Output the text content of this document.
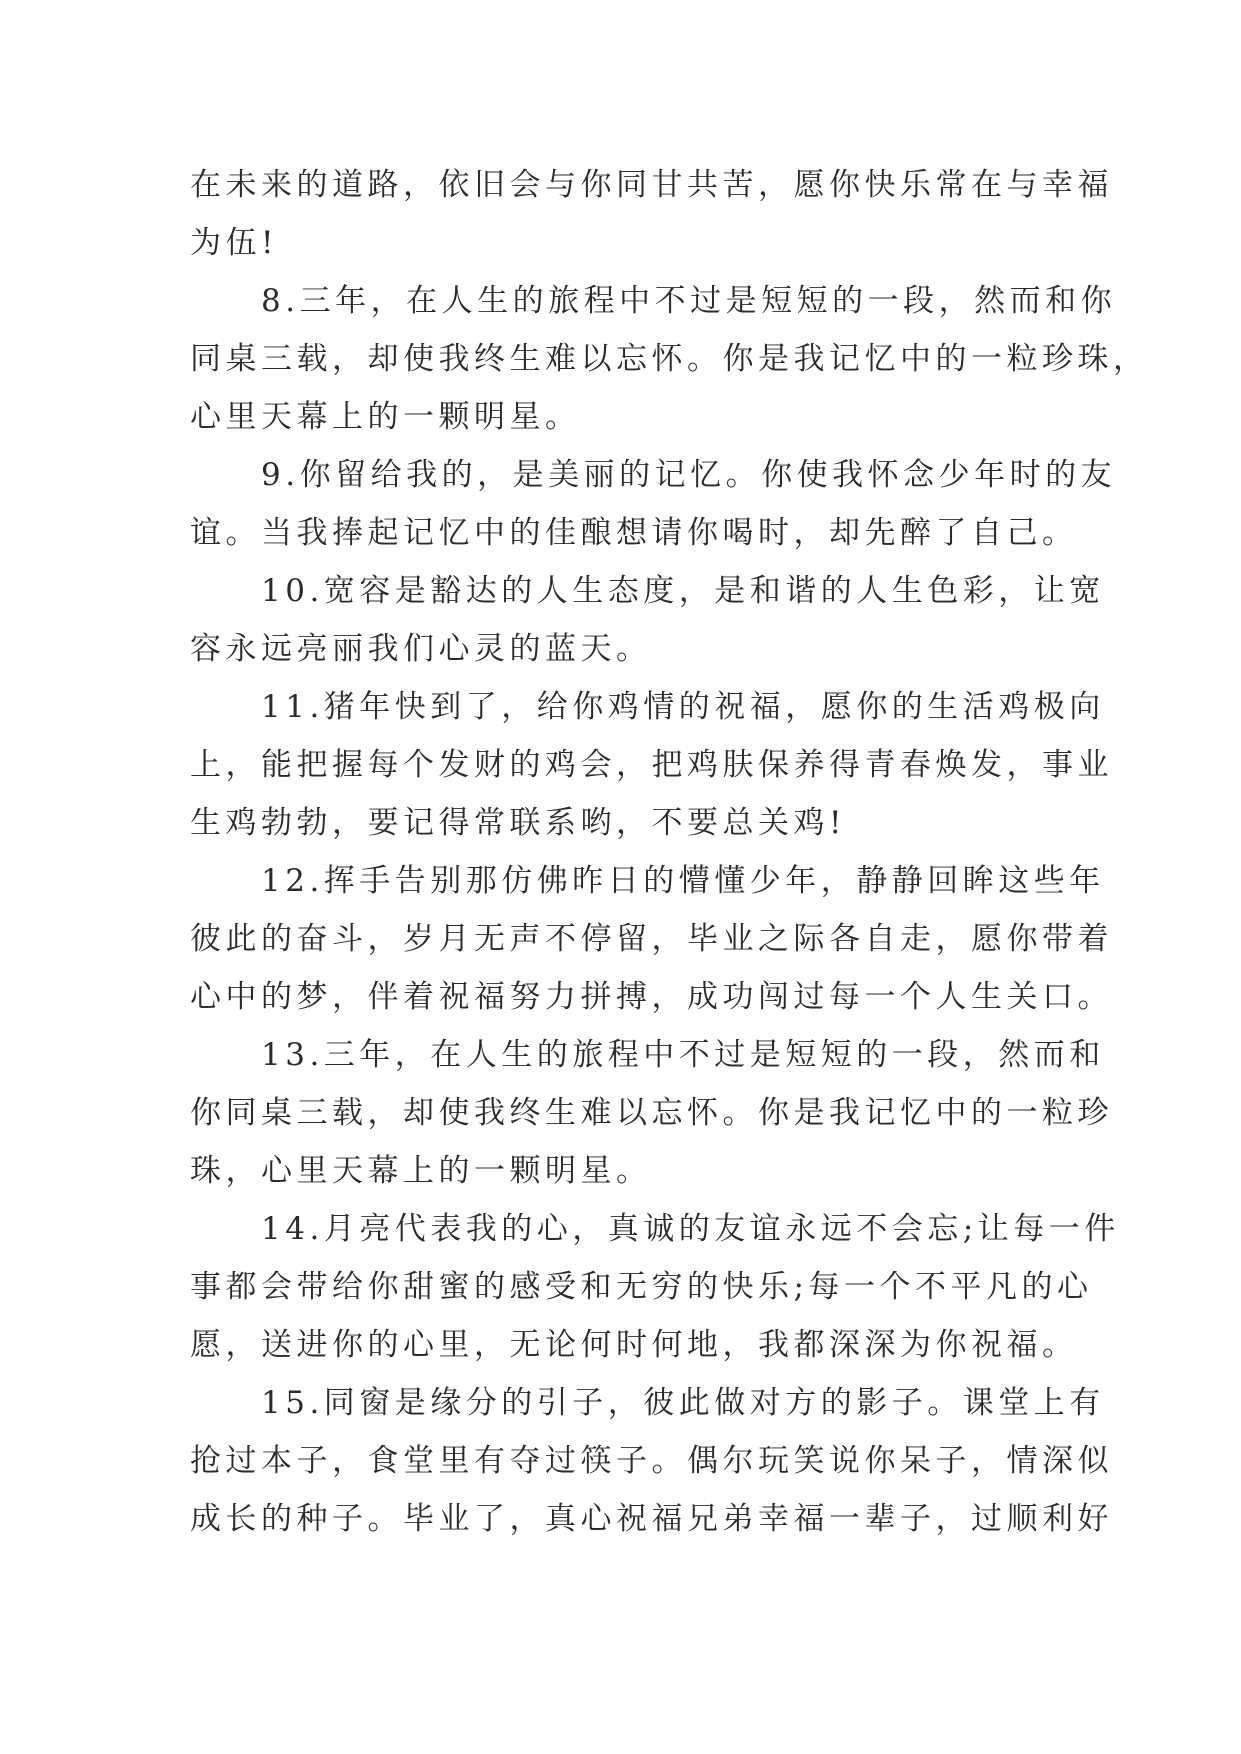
在未来的道路，依旧会与你同甘共苦，愿你快乐常在与幸福
为伍!
　　8.三年，在人生的旅程中不过是短短的一段，然而和你
同桌三载，却使我终生难以忘怀。你是我记忆中的一粒珍珠，
心里天幕上的一颗明星。
　　9.你留给我的，是美丽的记忆。你使我怀念少年时的友
谊。当我捧起记忆中的佳酿想请你喝时，却先醉了自己。
　　10.宽容是豁达的人生态度，是和谐的人生色彩，让宽
容永远亮丽我们心灵的蓝天。
　　11.猪年快到了，给你鸡情的祝福，愿你的生活鸡极向
上，能把握每个发财的鸡会，把鸡肤保养得青春焕发，事业
生鸡勃勃，要记得常联系哟，不要总关鸡!
　　12.挥手告别那仿佛昨日的懵懂少年，静静回眸这些年
彼此的奋斗，岁月无声不停留，毕业之际各自走，愿你带着
心中的梦，伴着祝福努力拼搏，成功闯过每一个人生关口。
　　13.三年，在人生的旅程中不过是短短的一段，然而和
你同桌三载，却使我终生难以忘怀。你是我记忆中的一粒珍
珠，心里天幕上的一颗明星。
　　14.月亮代表我的心，真诚的友谊永远不会忘;让每一件
事都会带给你甜蜜的感受和无穷的快乐;每一个不平凡的心
愿，送进你的心里，无论何时何地，我都深深为你祝福。
　　15.同窗是缘分的引子，彼此做对方的影子。课堂上有
抢过本子，食堂里有夺过筷子。偶尔玩笑说你呆子，情深似
成长的种子。毕业了，真心祝福兄弟幸福一辈子，过顺利好
